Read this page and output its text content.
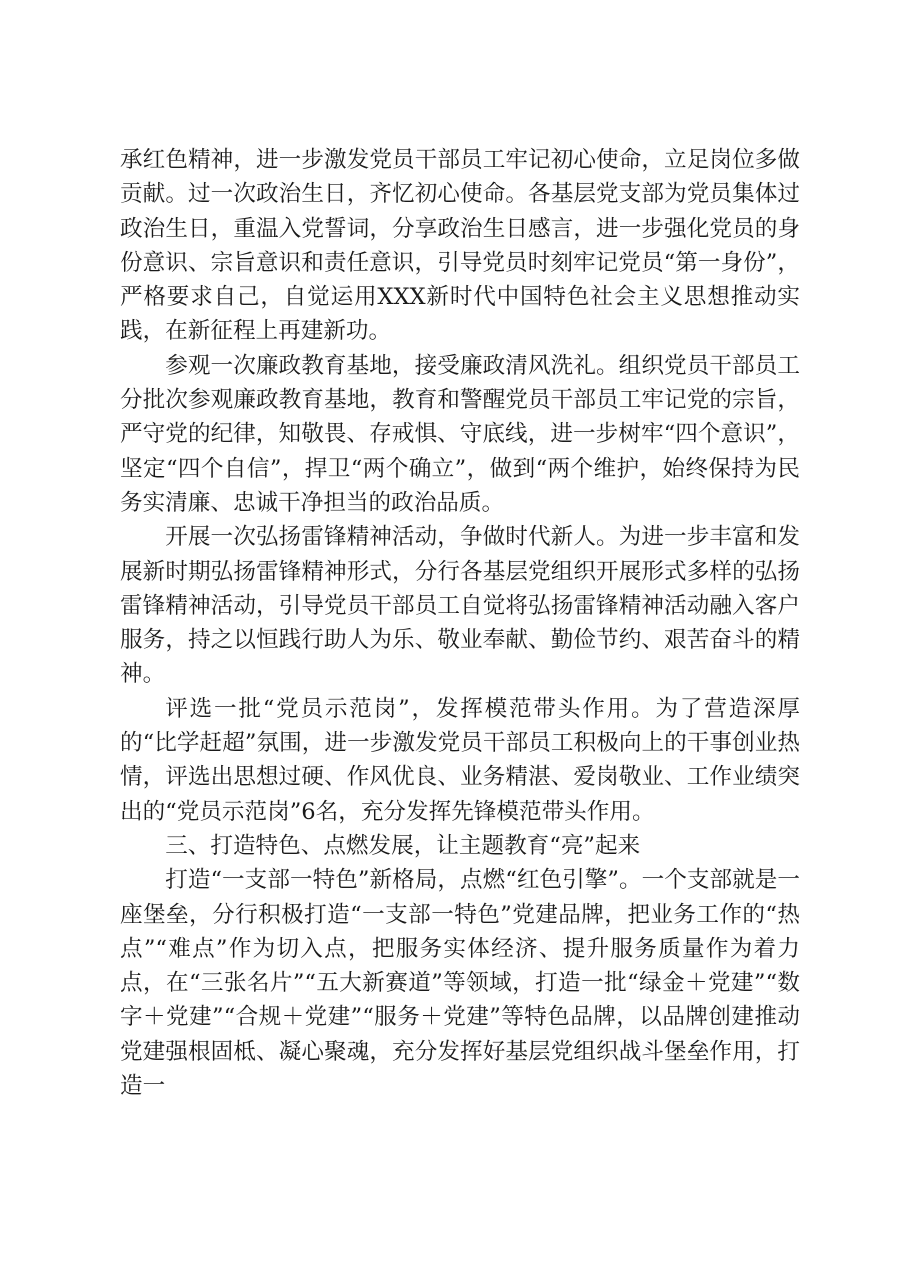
承红色精神，进一步激发党员干部员工牢记初心使命，立足岗位多做贡献。过一次政治生日，齐忆初心使命。各基层党支部为党员集体过政治生日，重温入党誓词，分享政治生日感言，进一步强化党员的身份意识、宗旨意识和责任意识，引导党员时刻牢记党员“第一身份”，严格要求自己，自觉运用XXX新时代中国特色社会主义思想推动实践，在新征程上再建新功。

参观一次廉政教育基地，接受廉政清风洗礼。组织党员干部员工分批次参观廉政教育基地，教育和警醒党员干部员工牢记党的宗旨，严守党的纪律，知敬畏、存戒惧、守底线，进一步树牢“四个意识”，坚定“四个自信”，捍卫“两个确立”，做到“两个维护，始终保持为民务实清廉、忠诚干净担当的政治品质。

开展一次弘扬雷锋精神活动，争做时代新人。为进一步丰富和发展新时期弘扬雷锋精神形式，分行各基层党组织开展形式多样的弘扬雷锋精神活动，引导党员干部员工自觉将弘扬雷锋精神活动融入客户服务，持之以恒践行助人为乐、敬业奉献、勤俭节约、艰苦奋斗的精神。

评选一批“党员示范岗”，发挥模范带头作用。为了营造深厚的“比学赶超”氛围，进一步激发党员干部员工积极向上的干事创业热情，评选出思想过硬、作风优良、业务精湛、爱岗敬业、工作业绩突出的“党员示范岗”6名，充分发挥先锋模范带头作用。

三、打造特色、点燃发展，让主题教育“亮”起来

打造“一支部一特色”新格局，点燃“红色引擎”。一个支部就是一座堡垒，分行积极打造“一支部一特色”党建品牌，把业务工作的“热点”“难点”作为切入点，把服务实体经济、提升服务质量作为着力点，在“三张名片”“五大新赛道”等领域，打造一批“绿金＋党建”“数字＋党建”“合规＋党建”“服务＋党建”等特色品牌，以品牌创建推动党建强根固柢、凝心聚魂，充分发挥好基层党组织战斗堡垒作用，打造一
